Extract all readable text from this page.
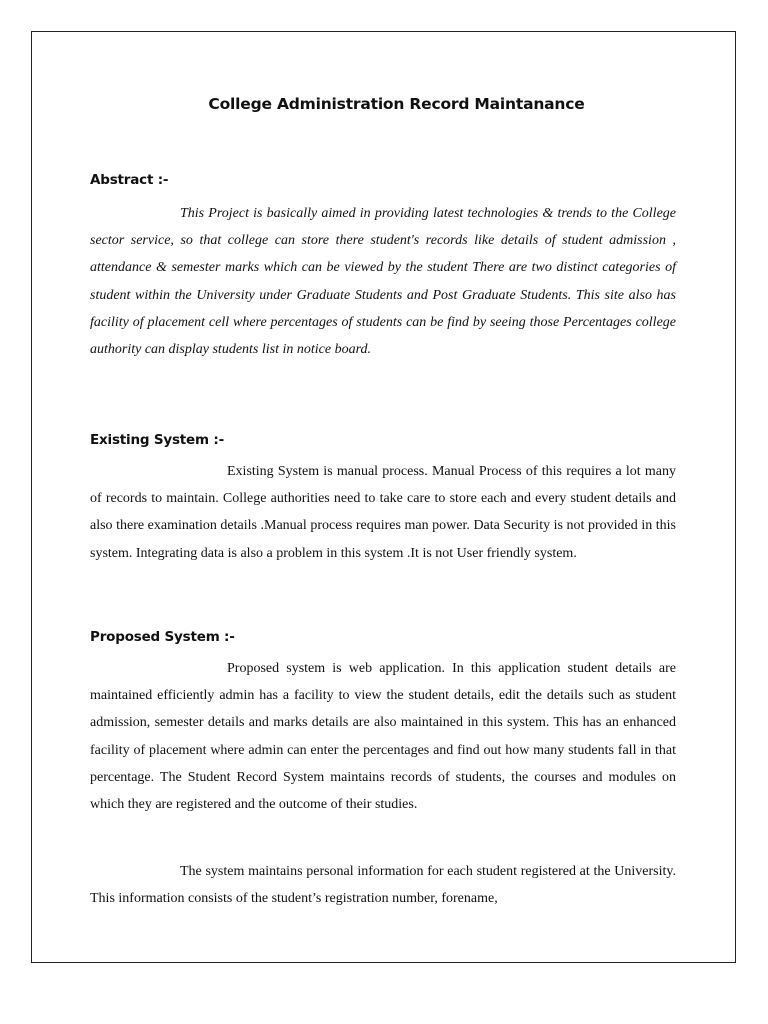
College Administration Record Maintanance
Abstract :-

This Project is basically aimed in providing latest technologies & trends to the College sector service, so that college can store there student's records like details of student admission , attendance & semester marks which can be viewed by the student There are two distinct categories of student within the University under Graduate Students and Post Graduate Students. This site also has facility of placement cell where percentages of students can be find by seeing those Percentages college authority can display students list in notice board.

Existing System :-

Existing System is manual process. Manual Process of this requires a lot many of records to maintain. College authorities need to take care to store each and every student details and also there examination details .Manual process requires man power. Data Security is not provided in this system. Integrating data is also a problem in this system .It is not User friendly system.

Proposed System :-

Proposed system is web application. In this application student details are maintained efficiently admin has a facility to view the student details, edit the details such as student admission, semester details and marks details are also maintained in this system. This has an enhanced facility of placement where admin can enter the percentages and find out how many students fall in that percentage. The Student Record System maintains records of students, the courses and modules on which they are registered and the outcome of their studies.

The system maintains personal information for each student registered at the University. This information consists of the student’s registration number, forename,
